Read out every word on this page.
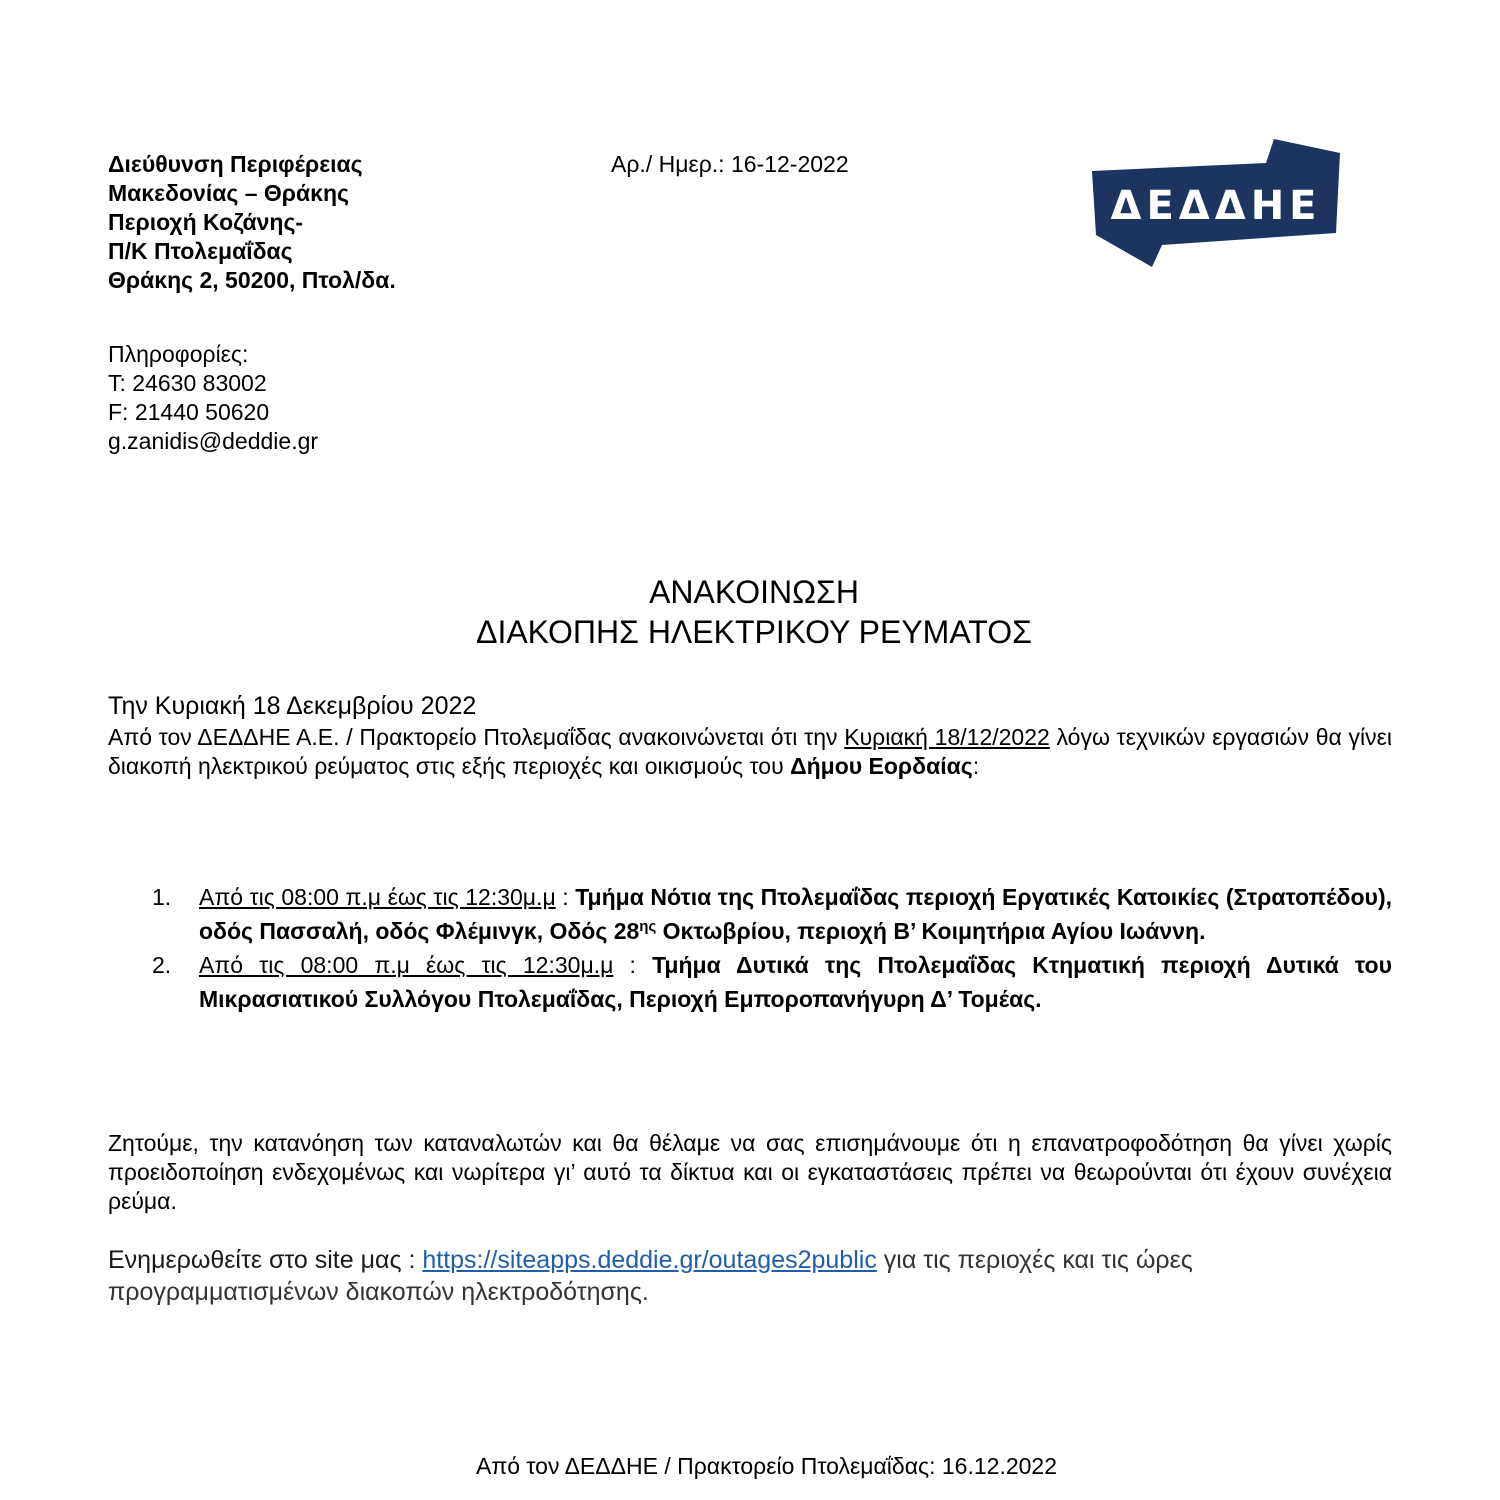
Διεύθυνση Περιφέρειας
Μακεδονίας – Θράκης
Περιοχή Κοζάνης-
Π/Κ Πτολεμαΐδας
Θράκης 2, 50200, Πτολ/δα.
Αρ./ Ημερ.: 16-12-2022
ΔΕΔΔΗΕ
Πληροφορίες:
Τ: 24630 83002
F: 21440 50620
g.zanidis@deddie.gr
ΑΝΑΚΟΙΝΩΣΗ
ΔΙΑΚΟΠΗΣ ΗΛΕΚΤΡΙΚΟΥ ΡΕΥΜΑΤΟΣ
Την Κυριακή 18 Δεκεμβρίου 2022
Από τον ΔΕΔΔΗΕ Α.Ε. / Πρακτορείο Πτολεμαΐδας ανακοινώνεται ότι την Κυριακή 18/12/2022 λόγω τεχνικών εργασιών θα γίνει διακοπή ηλεκτρικού ρεύματος στις εξής περιοχές και οικισμούς του Δήμου Εορδαίας:
1. Από τις 08:00 π.μ έως τις 12:30μ.μ : Τμήμα Νότια της Πτολεμαΐδας περιοχή Εργατικές Κατοικίες (Στρατοπέδου), οδός Πασσαλή, οδός Φλέμινγκ, Οδός $28^{\eta\varsigma}$ Οκτωβρίου, περιοχή Β’ Κοιμητήρια Αγίου Ιωάννη.
2. Από τις 08:00 π.μ έως τις 12:30μ.μ : Τμήμα Δυτικά της Πτολεμαΐδας Κτηματική περιοχή Δυτικά του Μικρασιατικού Συλλόγου Πτολεμαΐδας, Περιοχή Εμποροπανήγυρη Δ’ Τομέας.
Ζητούμε, την κατανόηση των καταναλωτών και θα θέλαμε να σας επισημάνουμε ότι η επανατροφοδότηση θα γίνει χωρίς προειδοποίηση ενδεχομένως και νωρίτερα γι’ αυτό τα δίκτυα και οι εγκαταστάσεις πρέπει να θεωρούνται ότι έχουν συνέχεια ρεύμα.
Ενημερωθείτε στο site μας : https://siteapps.deddie.gr/outages2public για τις περιοχές και τις ώρες προγραμματισμένων διακοπών ηλεκτροδότησης.
Από τον ΔΕΔΔΗΕ / Πρακτορείο Πτολεμαΐδας: 16.12.2022
